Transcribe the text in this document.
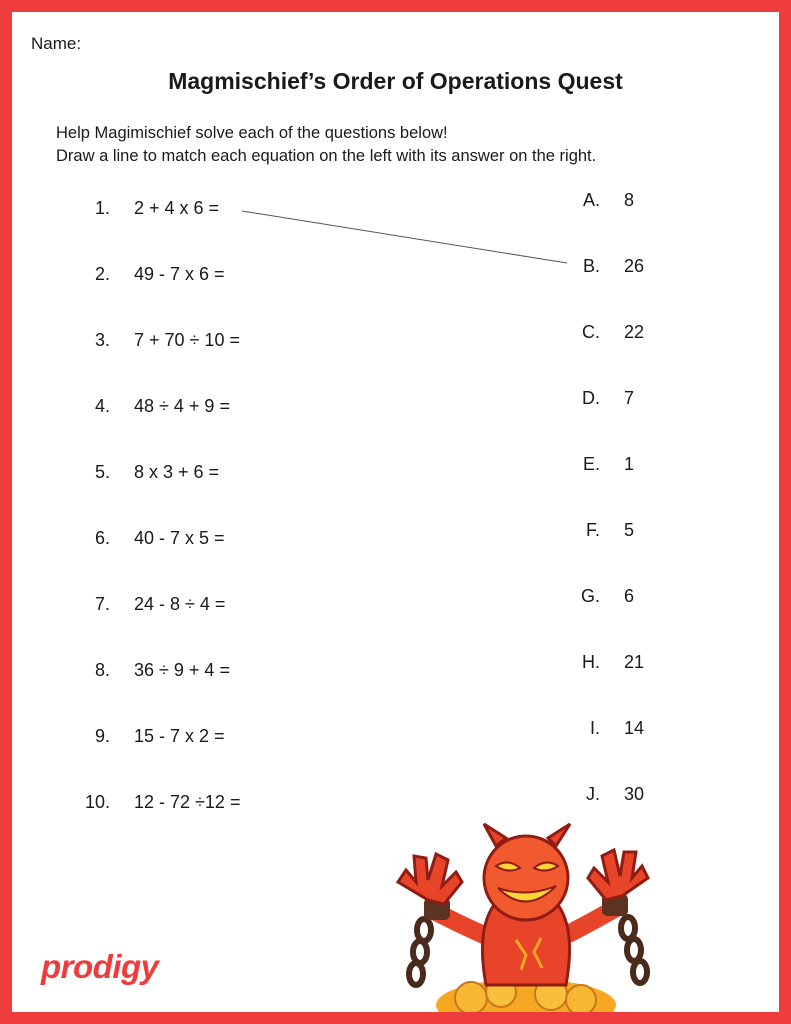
Name:
Magmischief’s Order of Operations Quest
Help Magimischief solve each of the questions below!
Draw a line to match each equation on the left with its answer on the right.
1. 2 + 4 x 6 =
2. 49 - 7 x 6 =
3. 7 + 70 ÷ 10 =
4. 48 ÷ 4 + 9 =
5. 8 x 3 + 6 =
6. 40 - 7 x 5 =
7. 24 - 8 ÷ 4 =
8. 36 ÷ 9 + 4 =
9. 15 - 7 x 2 =
10. 12 - 72 ÷12 =
A. 8
B. 26
C. 22
D. 7
E. 1
F. 5
G. 6
H. 21
I. 14
J. 30
prodigy
